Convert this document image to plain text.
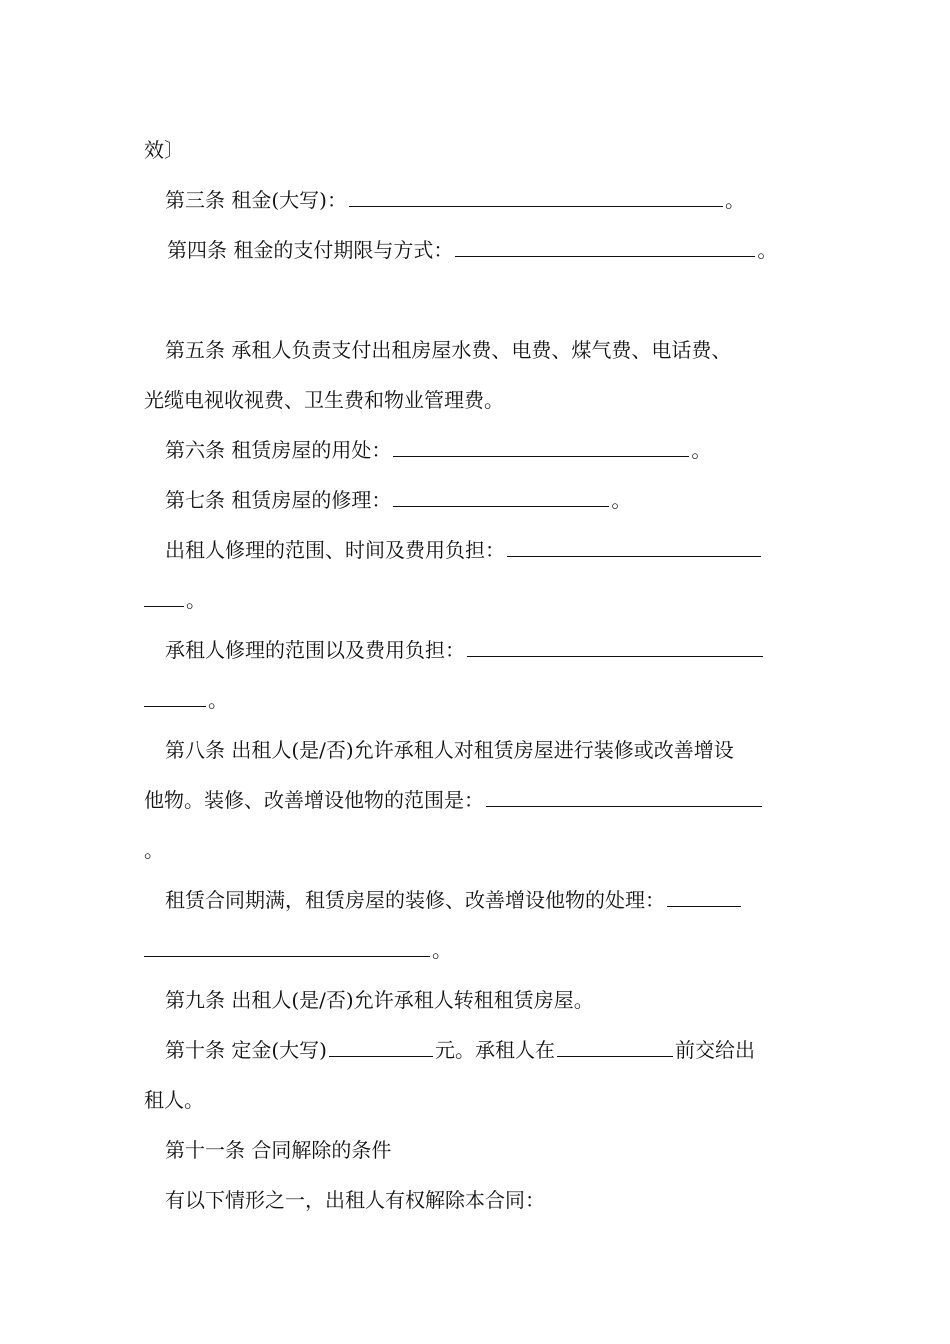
效〕
第三条 租金(大写)：	。
第四条 租金的支付期限与方式：	。
第五条 承租人负责支付出租房屋水费、电费、煤气费、电话费、
光缆电视收视费、卫生费和物业管理费。
第六条 租赁房屋的用处：	。
第七条 租赁房屋的修理：	。
出租人修理的范围、时间及费用负担：
。
承租人修理的范围以及费用负担：
。
第八条 出租人(是/否)允许承租人对租赁房屋进行装修或改善增设
他物。装修、改善增设他物的范围是：
。
租赁合同期满，租赁房屋的装修、改善增设他物的处理：
。
第九条 出租人(是/否)允许承租人转租租赁房屋。
第十条 定金(大写)	元。承租人在	前交给出
租人。
第十一条 合同解除的条件
有以下情形之一，出租人有权解除本合同：
